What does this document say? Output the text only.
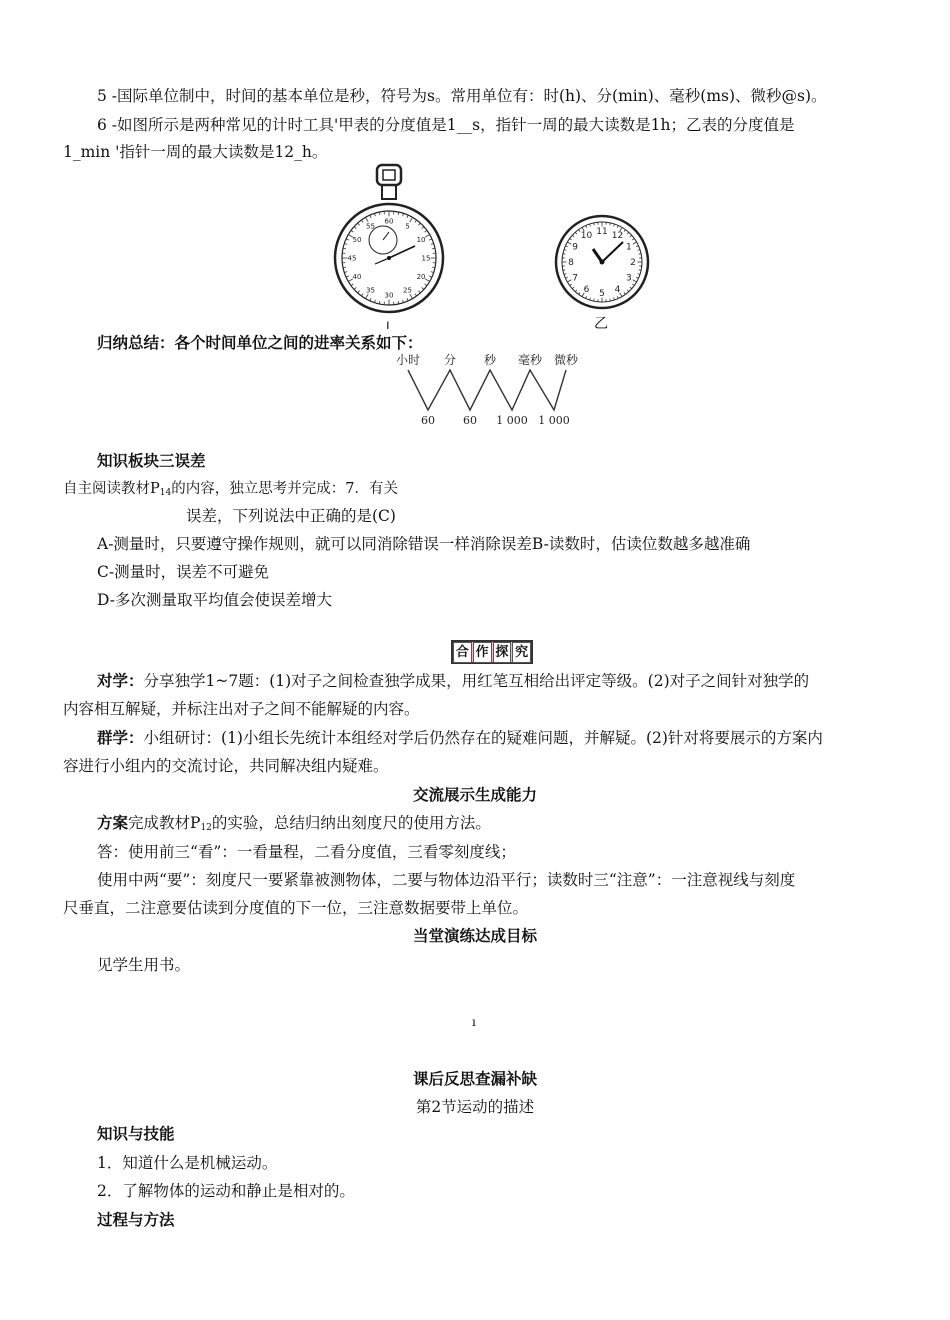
5 -国际单位制中，时间的基本单位是秒，符号为s。常用单位有：时(h)、分(min)、毫秒(ms)、微秒@s)。
6 -如图所示是两种常见的计时工具'甲表的分度值是1__s，指针一周的最大读数是1h；乙表的分度值是
1_min '指针一周的最大读数是12_h。
5
10
15
20
25
30
35
40
45
50
55
60
ı
12
1
2
3
4
5
6
7
8
9
10 11
乙
归纳总结：各个时间单位之间的进率关系如下：
小时 分 秒 毫秒 微秒
60	60 1 000 1 000
知识板块三误差
自主阅读教材$P_{14}$的内容，独立思考并完成：7．有关
误差，下列说法中正确的是(C)
A-测量时，只要遵守操作规则，就可以同消除错误一样消除误差B-读数时，估读位数越多越准确
C-测量时，误差不可避免
D-多次测量取平均值会使误差增大
合 作 探 究
对学：分享独学1~7题：(1)对子之间检查独学成果，用红笔互相给出评定等级。(2)对子之间针对独学的
内容相互解疑，并标注出对子之间不能解疑的内容。
群学：小组研讨：(1)小组长先统计本组经对学后仍然存在的疑难问题，并解疑。(2)针对将要展示的方案内
容进行小组内的交流讨论，共同解决组内疑难。
交流展示生成能力
方案完成教材$P_{12}$的实验，总结归纳出刻度尺的使用方法。
答：使用前三“看”：一看量程，二看分度值，三看零刻度线；
使用中两“要”：刻度尺一要紧靠被测物体，二要与物体边沿平行；读数时三“注意”：一注意视线与刻度
尺垂直，二注意要估读到分度值的下一位，三注意数据要带上单位。
当堂演练达成目标
见学生用书。
ı
课后反思查漏补缺
第2节运动的描述
知识与技能
1．知道什么是机械运动。
2．了解物体的运动和静止是相对的。
过程与方法
